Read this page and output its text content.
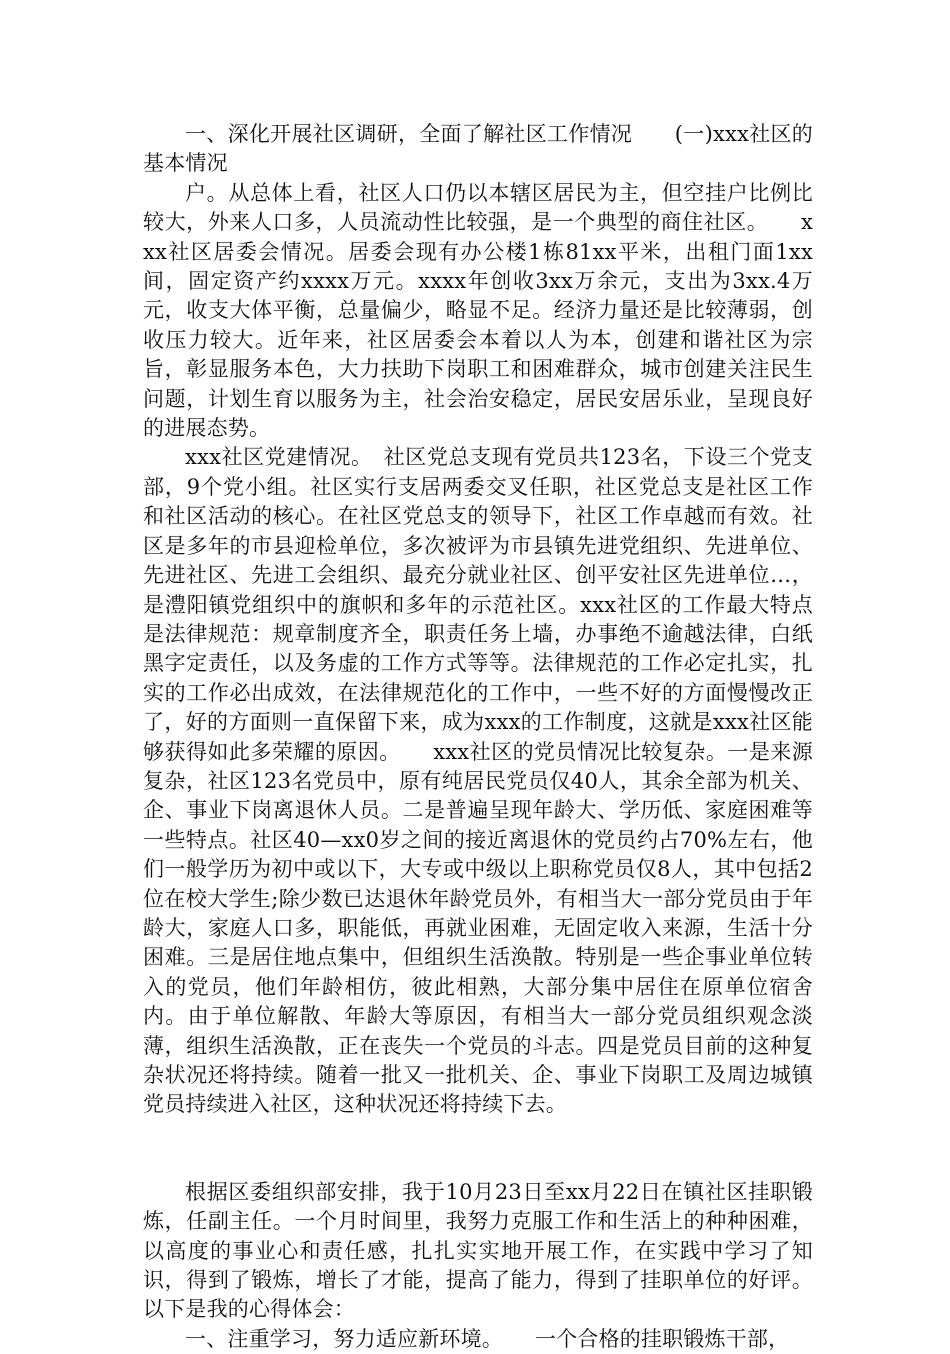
一、深化开展社区调研，全面了解社区工作情况　　(一)xxx社区的基本情况

户。从总体上看，社区人口仍以本辖区居民为主，但空挂户比例比较大，外来人口多，人员流动性比较强，是一个典型的商住社区。　　xxx社区居委会情况。居委会现有办公楼1栋81xx平米，出租门面1xx间，固定资产约xxxx万元。xxxx年创收3xx万余元，支出为3xx.4万元，收支大体平衡，总量偏少，略显不足。经济力量还是比较薄弱，创收压力较大。近年来，社区居委会本着以人为本，创建和谐社区为宗旨，彰显服务本色，大力扶助下岗职工和困难群众，城市创建关注民生问题，计划生育以服务为主，社会治安稳定，居民安居乐业，呈现良好的进展态势。

xxx社区党建情况。　社区党总支现有党员共123名，下设三个党支部，9个党小组。社区实行支居两委交叉任职，社区党总支是社区工作和社区活动的核心。在社区党总支的领导下，社区工作卓越而有效。社区是多年的市县迎检单位，多次被评为市县镇先进党组织、先进单位、先进社区、先进工会组织、最充分就业社区、创平安社区先进单位…，是澧阳镇党组织中的旗帜和多年的示范社区。xxx社区的工作最大特点是法律规范：规章制度齐全，职责任务上墙，办事绝不逾越法律，白纸黑字定责任，以及务虚的工作方式等等。法律规范的工作必定扎实，扎实的工作必出成效，在法律规范化的工作中，一些不好的方面慢慢改正了，好的方面则一直保留下来，成为xxx的工作制度，这就是xxx社区能够获得如此多荣耀的原因。　　xxx社区的党员情况比较复杂。一是来源复杂，社区123名党员中，原有纯居民党员仅40人，其余全部为机关、企、事业下岗离退休人员。二是普遍呈现年龄大、学历低、家庭困难等一些特点。社区40—xx0岁之间的接近离退休的党员约占70%左右，他们一般学历为初中或以下，大专或中级以上职称党员仅8人，其中包括2位在校大学生;除少数已达退休年龄党员外，有相当大一部分党员由于年龄大，家庭人口多，职能低，再就业困难，无固定收入来源，生活十分困难。三是居住地点集中，但组织生活涣散。特别是一些企事业单位转入的党员，他们年龄相仿，彼此相熟，大部分集中居住在原单位宿舍内。由于单位解散、年龄大等原因，有相当大一部分党员组织观念淡薄，组织生活涣散，正在丧失一个党员的斗志。四是党员目前的这种复杂状况还将持续。随着一批又一批机关、企、事业下岗职工及周边城镇党员持续进入社区，这种状况还将持续下去。

根据区委组织部安排，我于10月23日至xx月22日在镇社区挂职锻炼，任副主任。一个月时间里，我努力克服工作和生活上的种种困难，以高度的事业心和责任感，扎扎实实地开展工作，在实践中学习了知识，得到了锻炼，增长了才能，提高了能力，得到了挂职单位的好评。以下是我的心得体会：

一、注重学习，努力适应新环境。　　一个合格的挂职锻炼干部，
